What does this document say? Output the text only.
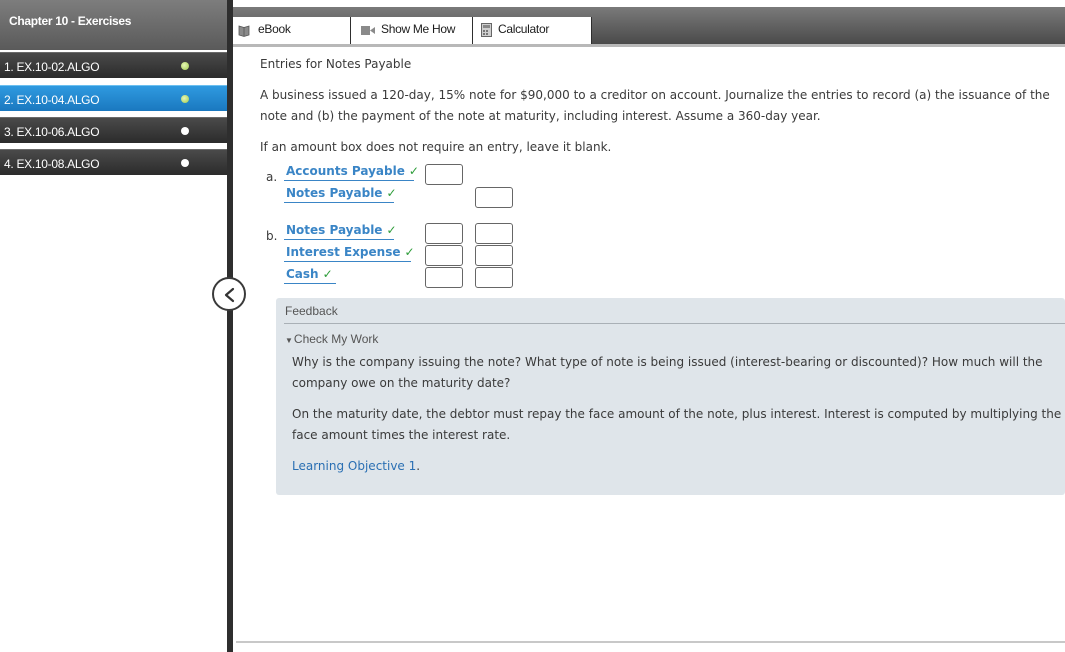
Chapter 10 - Exercises
1. EX.10-02.ALGO
2. EX.10-04.ALGO
3. EX.10-06.ALGO
4. EX.10-08.ALGO
eBook	Show Me How	Calculator
Entries for Notes Payable
A business issued a 120-day, 15% note for $90,000 to a creditor on account. Journalize the entries to record (a) the issuance of the
note and (b) the payment of the note at maturity, including interest. Assume a 360-day year.
If an amount box does not require an entry, leave it blank.
a. Accounts Payable ✓
Notes Payable ✓
b. Notes Payable ✓
Interest Expense ✓
Cash ✓
Feedback
▼Check My Work
Why is the company issuing the note? What type of note is being issued (interest-bearing or discounted)? How much will the
company owe on the maturity date?
On the maturity date, the debtor must repay the face amount of the note, plus interest. Interest is computed by multiplying the
face amount times the interest rate.
Learning Objective 1.
